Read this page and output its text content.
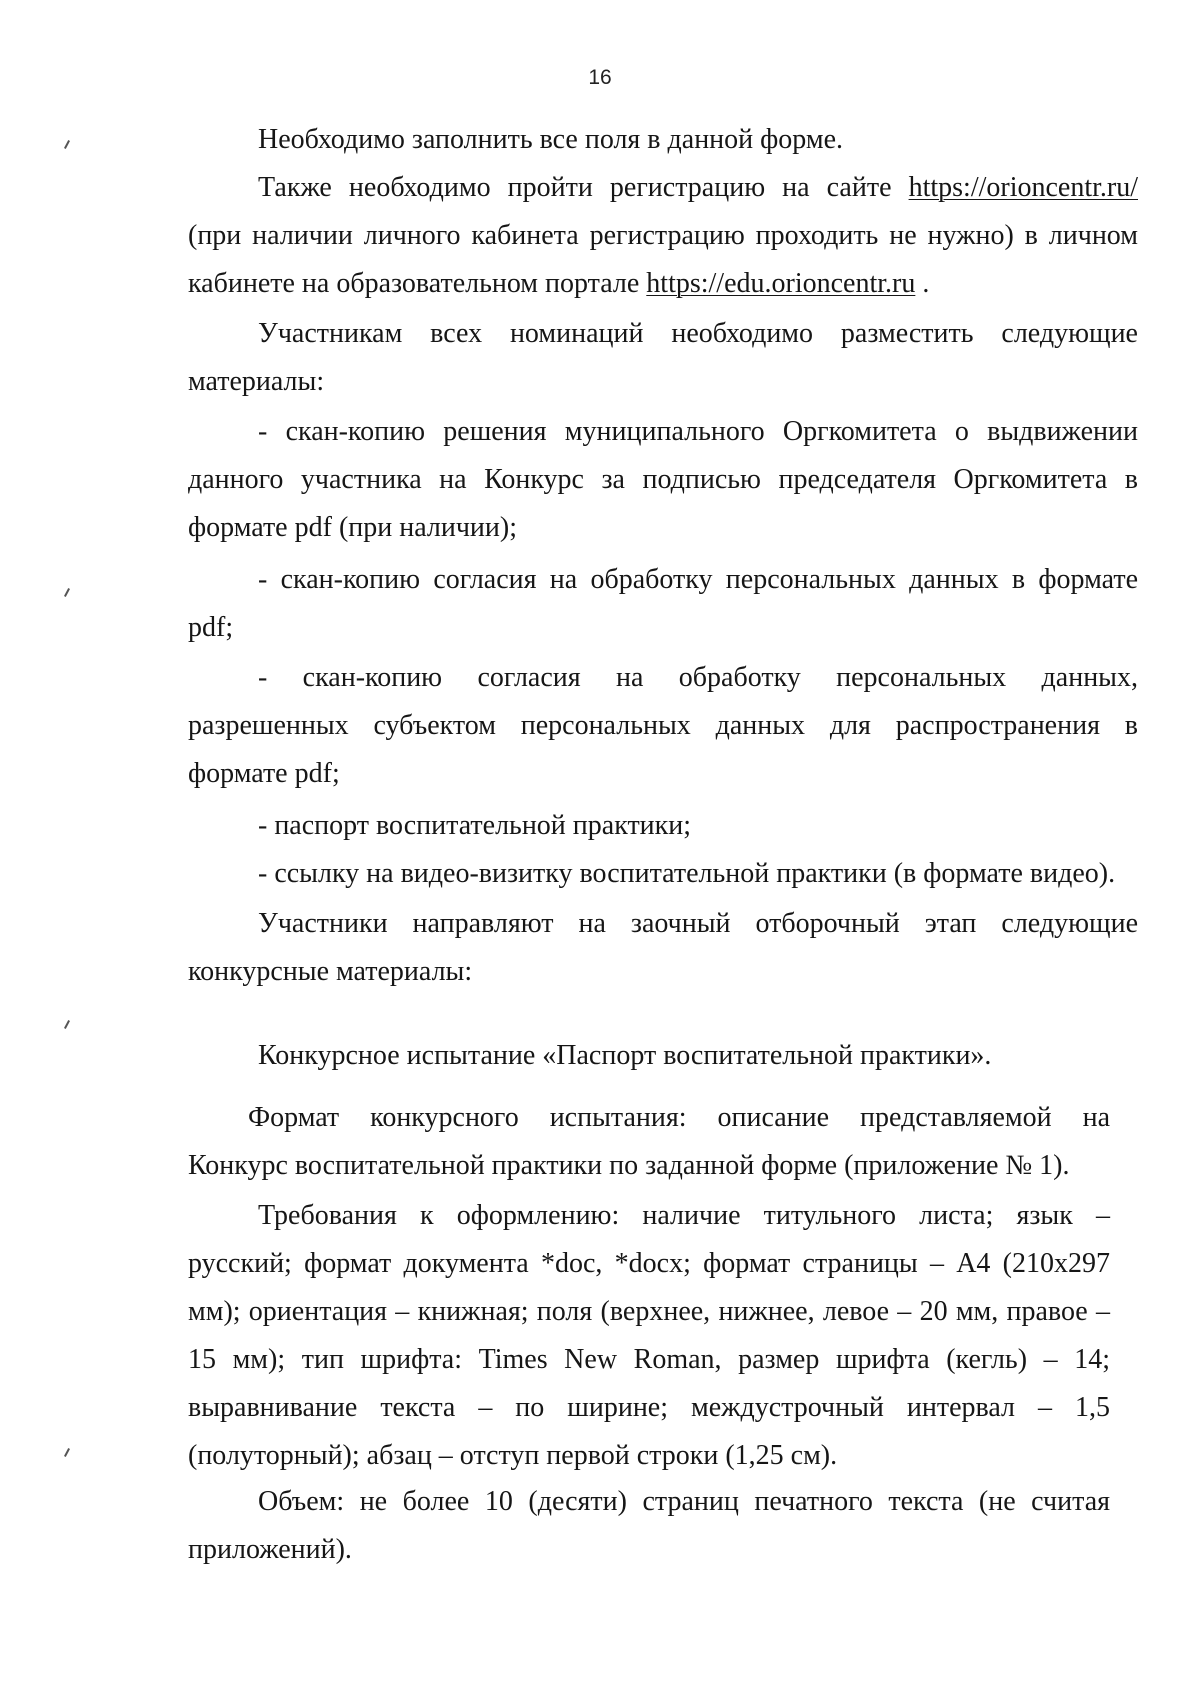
16
Необходимо заполнить все поля в данной форме.
Также необходимо пройти регистрацию на сайте https://orioncentr.ru/
(при наличии личного кабинета регистрацию проходить не нужно) в личном
кабинете на образовательном портале https://edu.orioncentr.ru .
Участникам всех номинаций необходимо разместить следующие
материалы:
- скан-копию решения муниципального Оргкомитета о выдвижении
данного участника на Конкурс за подписью председателя Оргкомитета в
формате pdf (при наличии);
- скан-копию согласия на обработку персональных данных в формате
pdf;
- скан-копию согласия на обработку персональных данных,
разрешенных субъектом персональных данных для распространения в
формате pdf;
- паспорт воспитательной практики;
- ссылку на видео-визитку воспитательной практики (в формате видео).
Участники направляют на заочный отборочный этап следующие
конкурсные материалы:
Конкурсное испытание «Паспорт воспитательной практики».
Формат конкурсного испытания: описание представляемой на
Конкурс воспитательной практики по заданной форме (приложение № 1).
Требования к оформлению: наличие титульного листа; язык –
русский; формат документа *doc, *docx; формат страницы – А4 (210x297
мм); ориентация – книжная; поля (верхнее, нижнее, левое – 20 мм, правое –
15 мм); тип шрифта: Times New Roman, размер шрифта (кегль) – 14;
выравнивание текста – по ширине; междустрочный интервал – 1,5
(полуторный); абзац – отступ первой строки (1,25 см).
Объем: не более 10 (десяти) страниц печатного текста (не считая
приложений).
